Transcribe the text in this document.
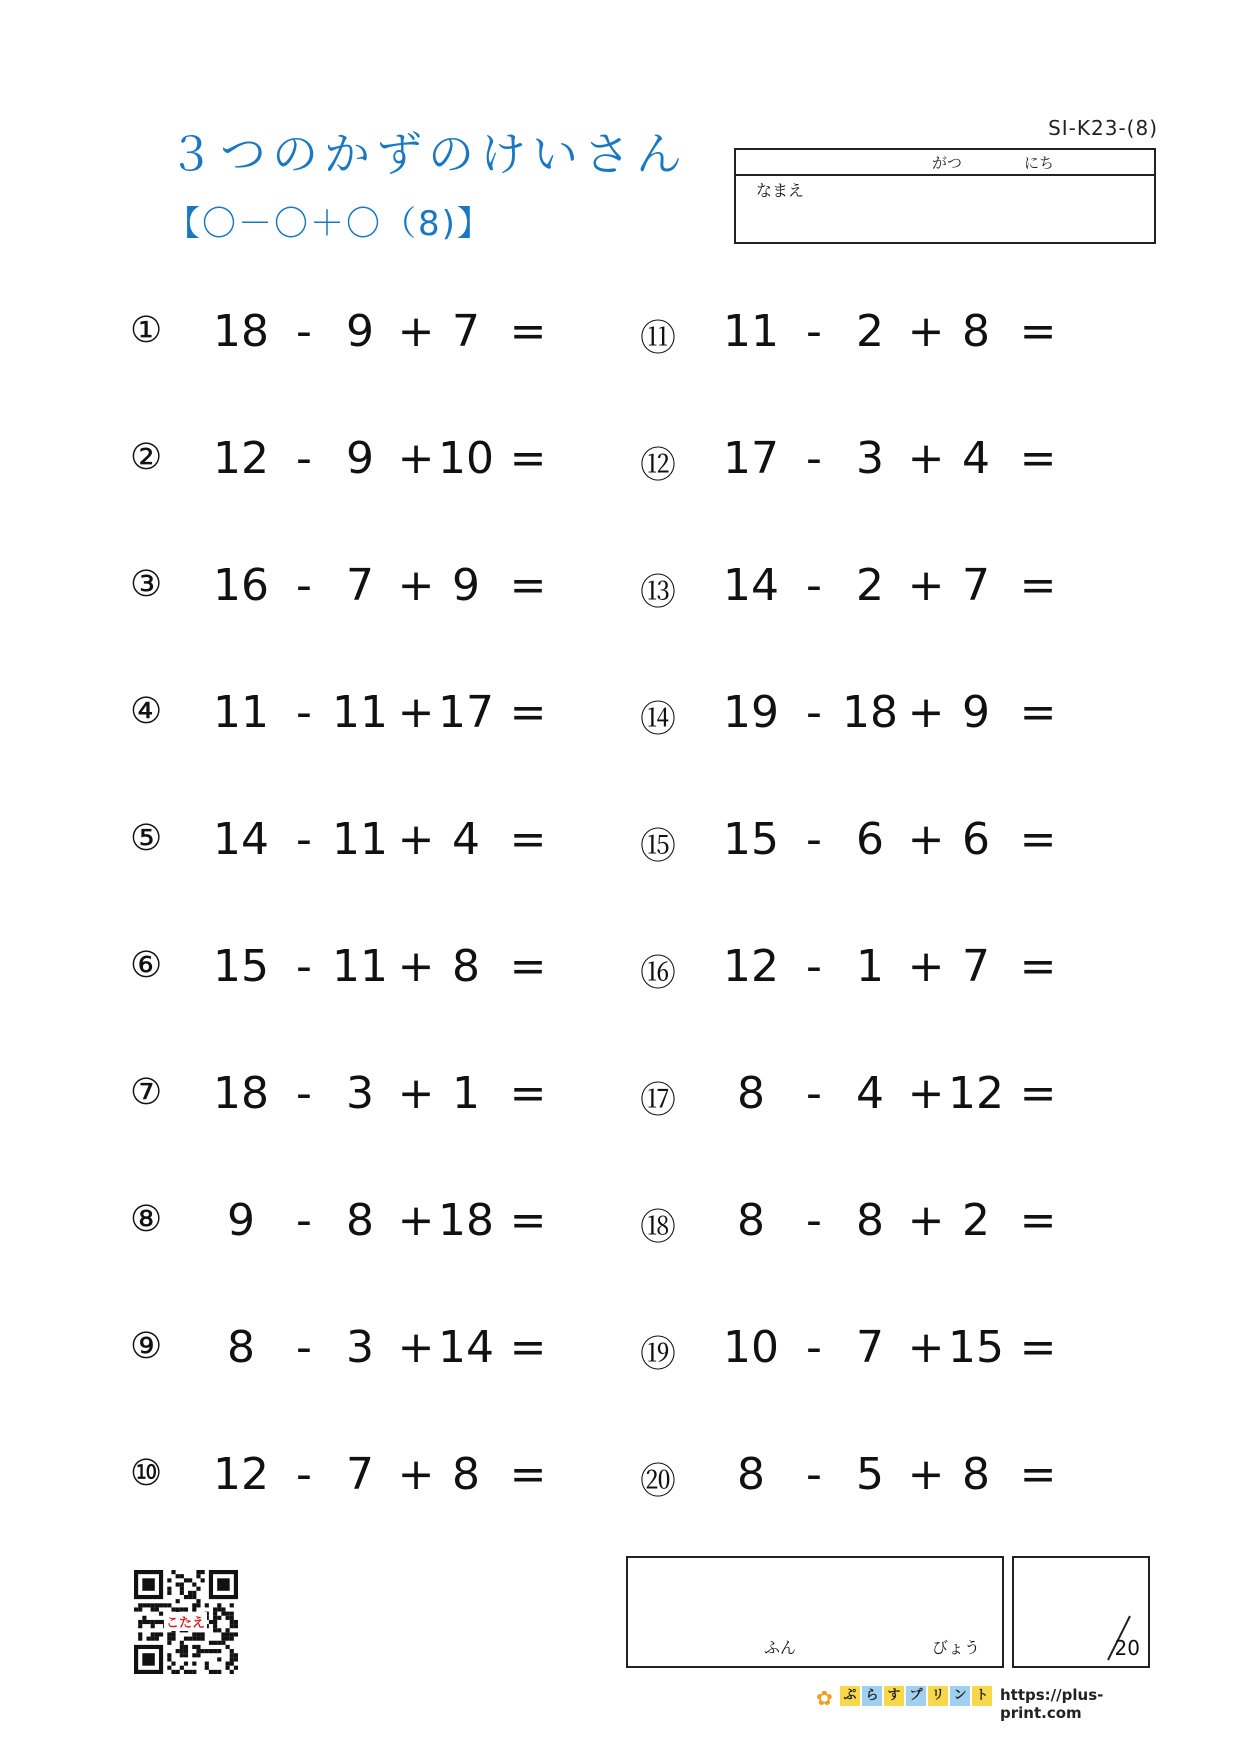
３つのかずのけいさん
【〇－〇＋〇（8)】
SI-K23-(8)
がつ	にち
なまえ
① 18 - 9 + 7 =
② 12 - 9 + 10 =
③ 16 - 7 + 9 =
④ 11 - 11 + 17 =
⑤ 14 - 11 + 4 =
⑥ 15 - 11 + 8 =
⑦ 18 - 3 + 1 =
⑧	9 - 8 + 18 =
⑨	8 - 3 + 14 =
⑩ 12 - 7 + 8 =
⑪ 11 - 2 + 8 =
⑫ 17 - 3 + 4 =
⑬ 14 - 2 + 7 =
⑭ 19 - 18 + 9 =
⑮ 15 - 6 + 6 =
⑯ 12 - 1 + 7 =
⑰	8 - 4 + 12 =
⑱	8 - 8 + 2 =
⑲ 10 - 7 + 15 =
⑳	8 - 5 + 8 =
こたえ
ふん	びょう	20
✿ ぷ ら す プ リ ン ト https://plus-print.com
